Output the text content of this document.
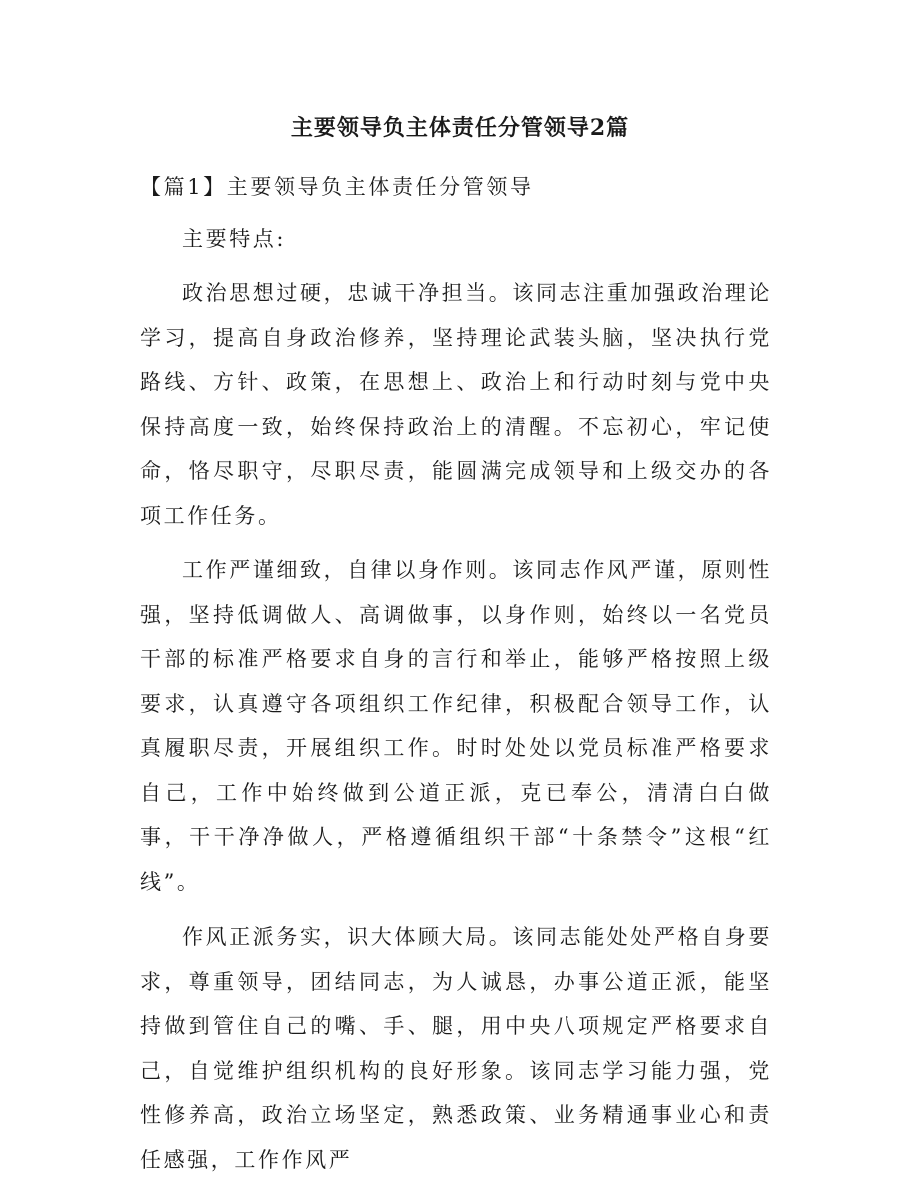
主要领导负主体责任分管领导2篇

【篇1】主要领导负主体责任分管领导

主要特点:

政治思想过硬，忠诚干净担当。该同志注重加强政治理论学习，提高自身政治修养，坚持理论武装头脑，坚决执行党路线、方针、政策，在思想上、政治上和行动时刻与党中央保持高度一致，始终保持政治上的清醒。不忘初心，牢记使命，恪尽职守，尽职尽责，能圆满完成领导和上级交办的各项工作任务。

工作严谨细致，自律以身作则。该同志作风严谨，原则性强，坚持低调做人、高调做事，以身作则，始终以一名党员干部的标准严格要求自身的言行和举止，能够严格按照上级要求，认真遵守各项组织工作纪律，积极配合领导工作，认真履职尽责，开展组织工作。时时处处以党员标准严格要求自己，工作中始终做到公道正派，克已奉公，清清白白做事，干干净净做人，严格遵循组织干部“十条禁令”这根“红线”。

作风正派务实，识大体顾大局。该同志能处处严格自身要求，尊重领导，团结同志，为人诚恳，办事公道正派，能坚持做到管住自己的嘴、手、腿，用中央八项规定严格要求自己，自觉维护组织机构的良好形象。该同志学习能力强，党性修养高，政治立场坚定，熟悉政策、业务精通事业心和责任感强，工作作风严
